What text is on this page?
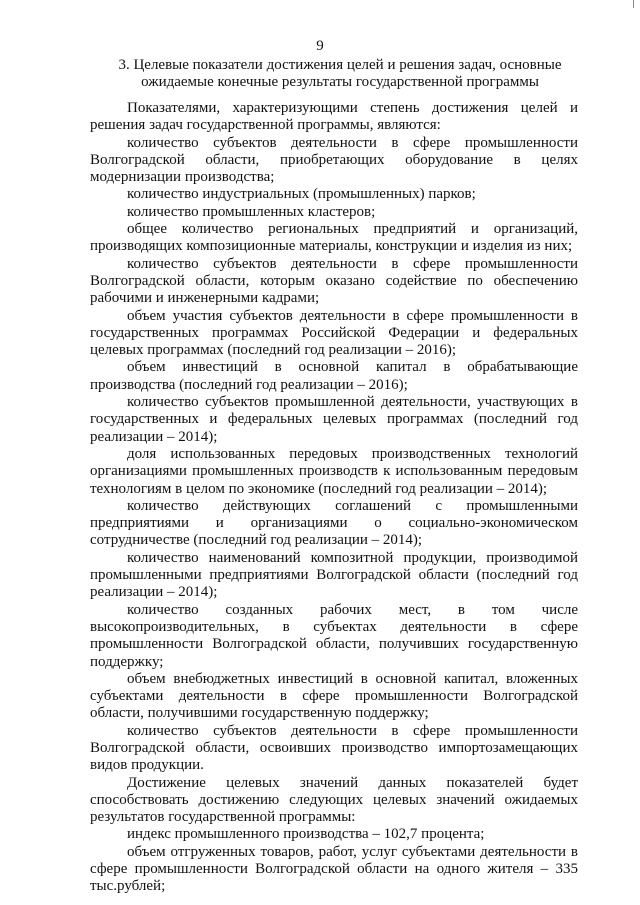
9
3. Целевые показатели достижения целей и решения задач, основные
ожидаемые конечные результаты государственной программы

Показателями, характеризующими степень достижения целей и решения задач государственной программы, являются:

количество субъектов деятельности в сфере промышленности Волгоградской области, приобретающих оборудование в целях модернизации производства;

количество индустриальных (промышленных) парков;

количество промышленных кластеров;

общее количество региональных предприятий и организаций, производящих композиционные материалы, конструкции и изделия из них;

количество субъектов деятельности в сфере промышленности Волгоградской области, которым оказано содействие по обеспечению рабочими и инженерными кадрами;

объем участия субъектов деятельности в сфере промышленности в государственных программах Российской Федерации и федеральных целевых программах (последний год реализации – 2016);

объем инвестиций в основной капитал в обрабатывающие производства (последний год реализации – 2016);

количество субъектов промышленной деятельности, участвующих в государственных и федеральных целевых программах (последний год реализации – 2014);

доля использованных передовых производственных технологий организациями промышленных производств к использованным передовым технологиям в целом по экономике (последний год реализации – 2014);

количество действующих соглашений с промышленными предприятиями и организациями о социально-экономическом сотрудничестве (последний год реализации – 2014);

количество наименований композитной продукции, производимой промышленными предприятиями Волгоградской области (последний год реализации – 2014);

количество созданных рабочих мест, в том числе высокопроизводительных, в субъектах деятельности в сфере промышленности Волгоградской области, получивших государственную поддержку;

объем внебюджетных инвестиций в основной капитал, вложенных субъектами деятельности в сфере промышленности Волгоградской области, получившими государственную поддержку;

количество субъектов деятельности в сфере промышленности Волгоградской области, освоивших производство импортозамещающих видов продукции.

Достижение целевых значений данных показателей будет способствовать достижению следующих целевых значений ожидаемых результатов государственной программы:

индекс промышленного производства – 102,7 процента;

объем отгруженных товаров, работ, услуг субъектами деятельности в сфере промышленности Волгоградской области на одного жителя – 335 тыс.рублей;
